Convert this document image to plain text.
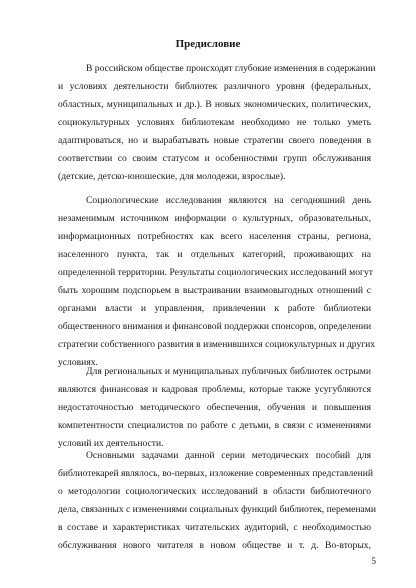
Предисловие
В российском обществе происходят глубокие изменения в содержании
и условиях деятельности библиотек различного уровня (федеральных,
областных, муниципальных и др.). В новых экономических, политических,
социокультурных условиях библиотекам необходимо не только уметь
адаптироваться, но и вырабатывать новые стратегии своего поведения в
соответствии со своим статусом и особенностями групп обслуживания
(детские, детско-юношеские, для молодежи, взрослые).
Социологические исследования являются на сегодняшний день
незаменимым источником информации о культурных, образовательных,
информационных потребностях как всего населения страны, региона,
населенного пункта, так и отдельных категорий, проживающих на
определенной территории. Результаты социологических исследований могут
быть хорошим подспорьем в выстраивании взаимовыгодных отношений с
органами власти и управления, привлечении к работе библиотеки
общественного внимания и финансовой поддержки спонсоров, определении
стратегии собственного развития в изменившихся социокультурных и других
условиях.
Для региональных и муниципальных публичных библиотек острыми
являются финансовая и кадровая проблемы, которые также усугубляются
недостаточностью методического обеспечения, обучения и повышения
компетентности специалистов по работе с детьми, в связи с изменениями
условий их деятельности.
5
Основными задачами данной серии методических пособий для
библиотекарей являлось, во-первых, изложение современных представлений
о методологии социологических исследований в области библиотечного
дела, связанных с изменениями социальных функций библиотек, переменами
в составе и характеристиках читательских аудиторий, с необходимостью
обслуживания нового читателя в новом обществе и т. д. Во-вторых,
